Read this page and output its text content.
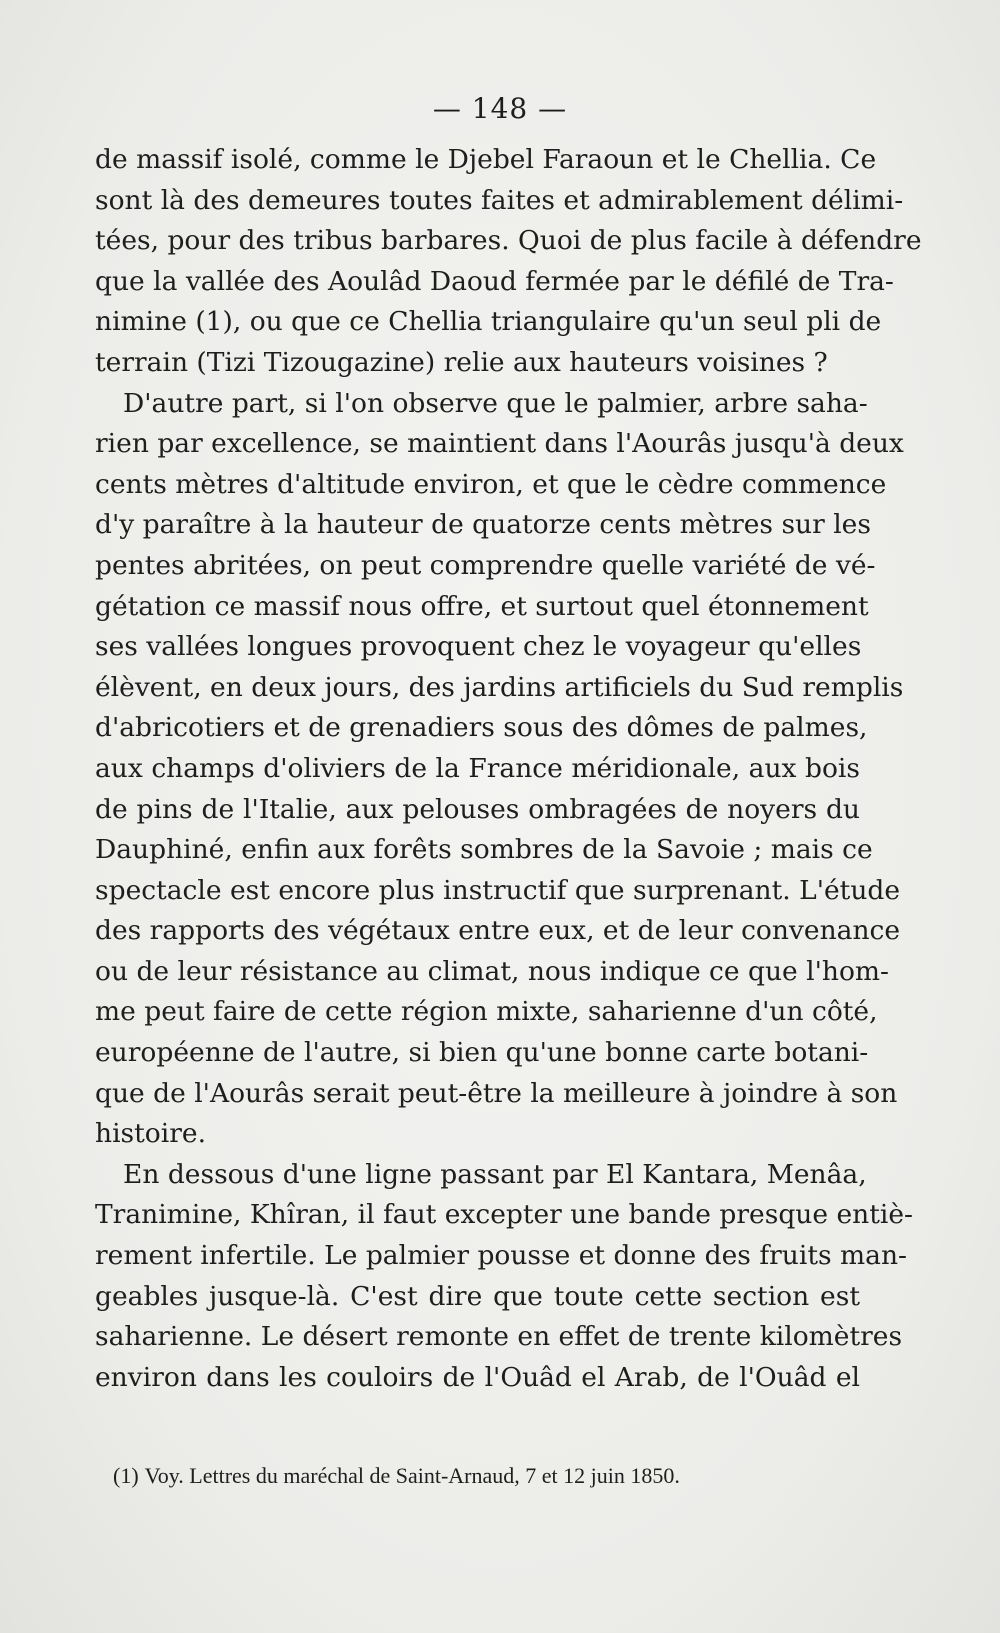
— 148 —
de massif isolé, comme le Djebel Faraoun et le Chellia. Ce
sont là des demeures toutes faites et admirablement délimi-
tées, pour des tribus barbares. Quoi de plus facile à défendre
que la vallée des Aoulâd Daoud fermée par le défilé de Tra-
nimine (1), ou que ce Chellia triangulaire qu'un seul pli de
terrain (Tizi Tizougazine) relie aux hauteurs voisines ?
D'autre part, si l'on observe que le palmier, arbre saha-
rien par excellence, se maintient dans l'Aourâs jusqu'à deux
cents mètres d'altitude environ, et que le cèdre commence
d'y paraître à la hauteur de quatorze cents mètres sur les
pentes abritées, on peut comprendre quelle variété de vé-
gétation ce massif nous offre, et surtout quel étonnement
ses vallées longues provoquent chez le voyageur qu'elles
élèvent, en deux jours, des jardins artificiels du Sud remplis
d'abricotiers et de grenadiers sous des dômes de palmes,
aux champs d'oliviers de la France méridionale, aux bois
de pins de l'Italie, aux pelouses ombragées de noyers du
Dauphiné, enfin aux forêts sombres de la Savoie ; mais ce
spectacle est encore plus instructif que surprenant. L'étude
des rapports des végétaux entre eux, et de leur convenance
ou de leur résistance au climat, nous indique ce que l'hom-
me peut faire de cette région mixte, saharienne d'un côté,
européenne de l'autre, si bien qu'une bonne carte botani-
que de l'Aourâs serait peut-être la meilleure à joindre à son
histoire.
En dessous d'une ligne passant par El Kantara, Menâa,
Tranimine, Khîran, il faut excepter une bande presque entiè-
rement infertile. Le palmier pousse et donne des fruits man-
geables jusque-là. C'est dire que toute cette section est
saharienne. Le désert remonte en effet de trente kilomètres
environ dans les couloirs de l'Ouâd el Arab, de l'Ouâd el
(1) Voy. Lettres du maréchal de Saint-Arnaud, 7 et 12 juin 1850.
